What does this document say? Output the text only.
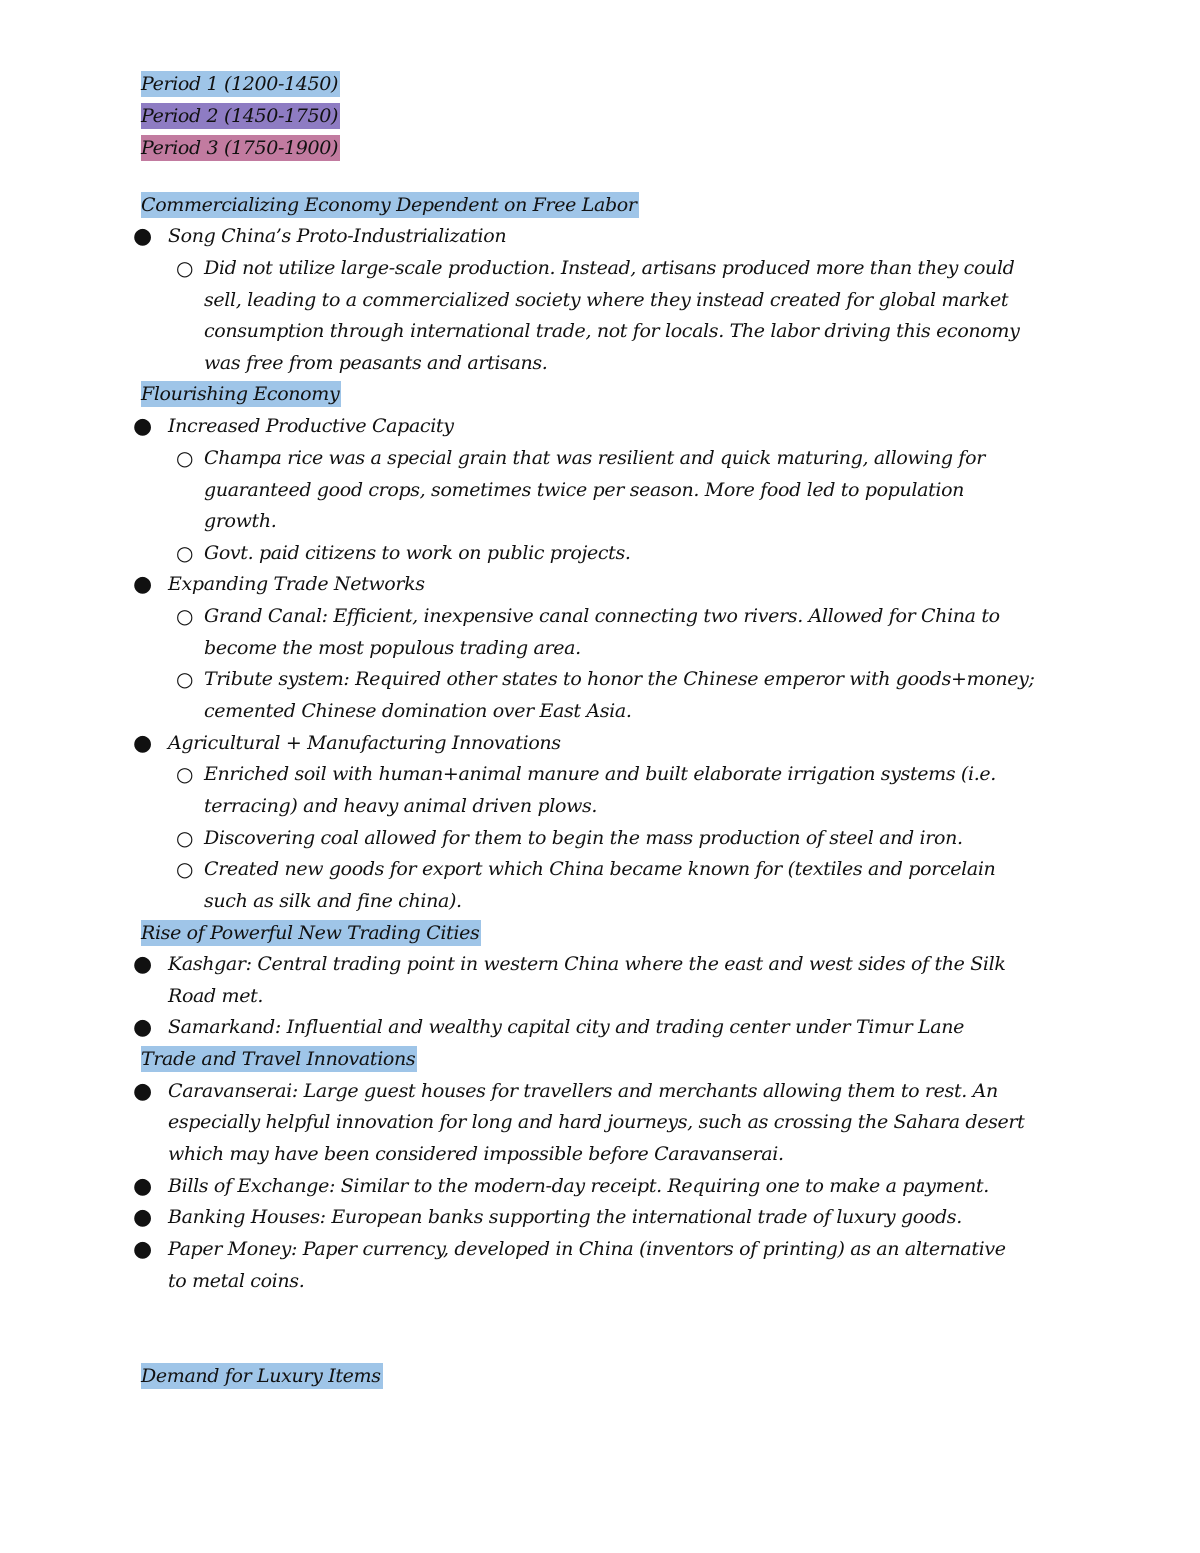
Period 1 (1200-1450)
Period 2 (1450-1750)
Period 3 (1750-1900)
Commercializing Economy Dependent on Free Labor
● Song China’s Proto-Industrialization
○ Did not utilize large-scale production. Instead, artisans produced more than they could
sell, leading to a commercialized society where they instead created for global market
consumption through international trade, not for locals. The labor driving this economy
was free from peasants and artisans.
Flourishing Economy
● Increased Productive Capacity
○ Champa rice was a special grain that was resilient and quick maturing, allowing for
guaranteed good crops, sometimes twice per season. More food led to population
growth.
○ Govt. paid citizens to work on public projects.
● Expanding Trade Networks
○ Grand Canal: Efficient, inexpensive canal connecting two rivers. Allowed for China to
become the most populous trading area.
○ Tribute system: Required other states to honor the Chinese emperor with goods+money;
cemented Chinese domination over East Asia.
● Agricultural + Manufacturing Innovations
○ Enriched soil with human+animal manure and built elaborate irrigation systems (i.e.
terracing) and heavy animal driven plows.
○ Discovering coal allowed for them to begin the mass production of steel and iron.
○ Created new goods for export which China became known for (textiles and porcelain
such as silk and fine china).
Rise of Powerful New Trading Cities
● Kashgar: Central trading point in western China where the east and west sides of the Silk
Road met.
● Samarkand: Influential and wealthy capital city and trading center under Timur Lane
Trade and Travel Innovations
● Caravanserai: Large guest houses for travellers and merchants allowing them to rest. An
especially helpful innovation for long and hard journeys, such as crossing the Sahara desert
which may have been considered impossible before Caravanserai.
● Bills of Exchange: Similar to the modern-day receipt. Requiring one to make a payment.
● Banking Houses: European banks supporting the international trade of luxury goods.
● Paper Money: Paper currency, developed in China (inventors of printing) as an alternative
to metal coins.
Demand for Luxury Items
